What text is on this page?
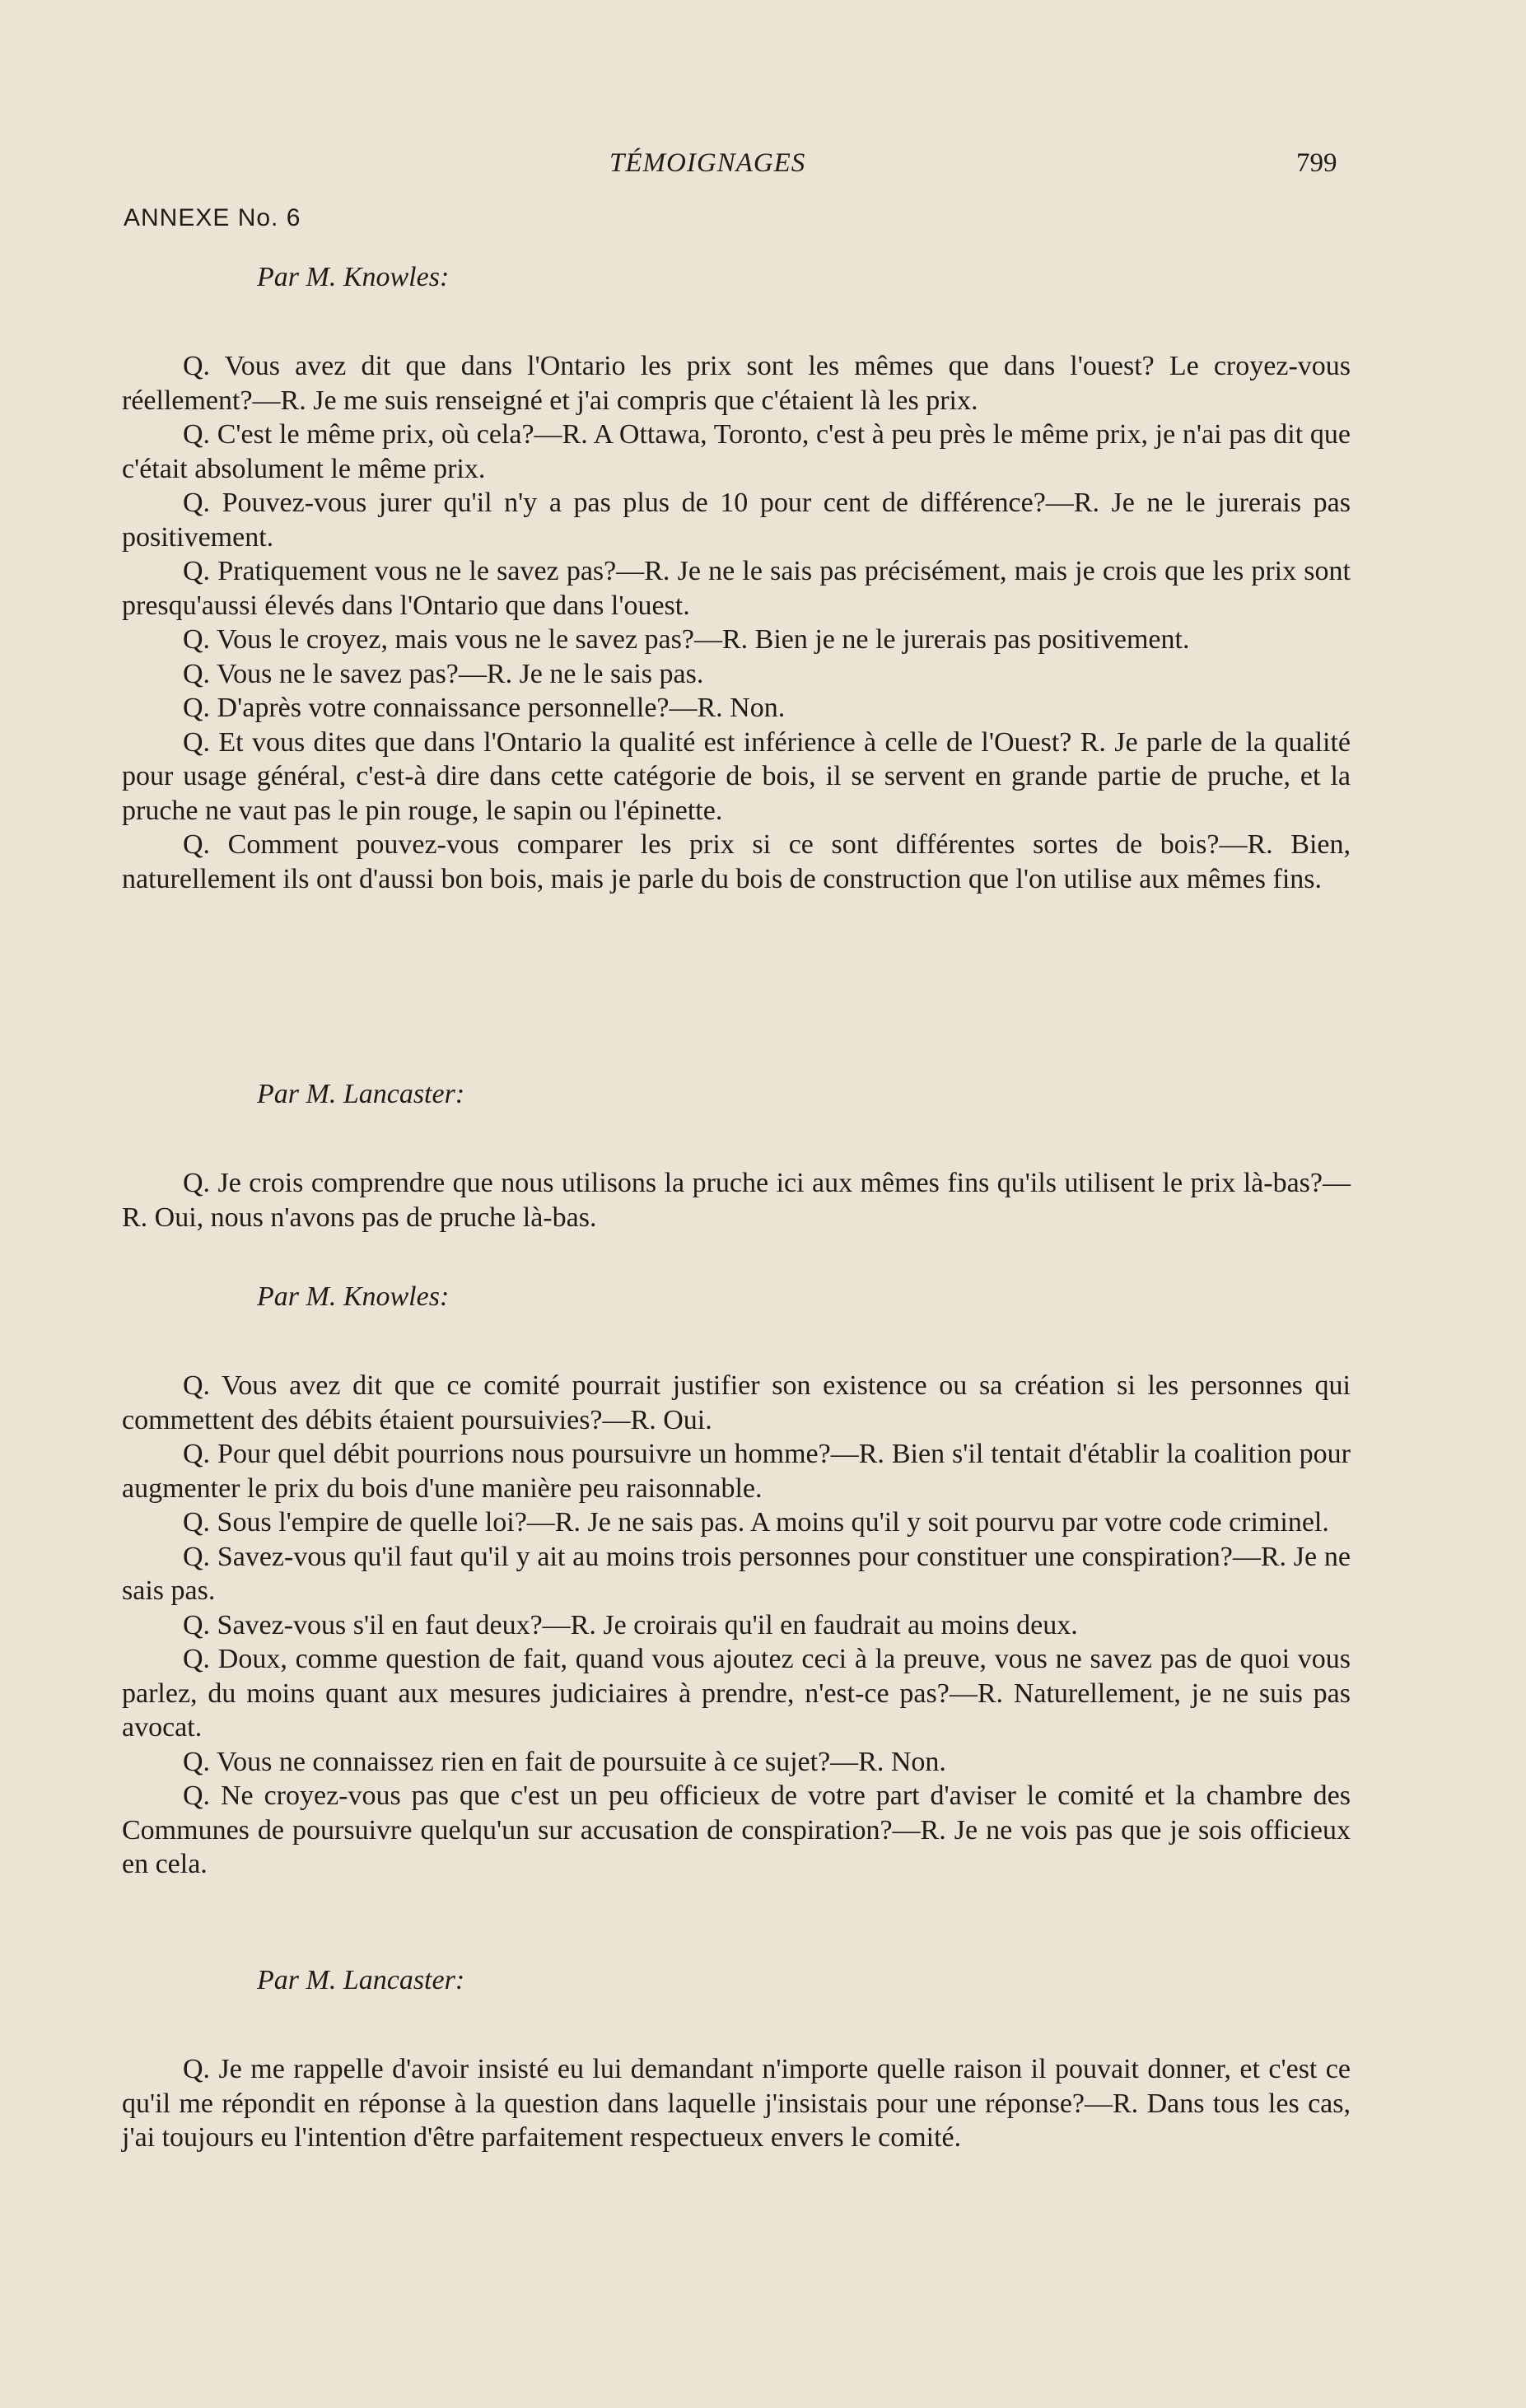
TÉMOIGNAGES	799
ANNEXE No. 6
Par M. Knowles:

Q. Vous avez dit que dans l'Ontario les prix sont les mêmes que dans l'ouest? Le croyez-vous réellement?—R. Je me suis renseigné et j'ai compris que c'étaient là les prix.

Q. C'est le même prix, où cela?—R. A Ottawa, Toronto, c'est à peu près le même prix, je n'ai pas dit que c'était absolument le même prix.

Q. Pouvez-vous jurer qu'il n'y a pas plus de 10 pour cent de différence?—R. Je ne le jurerais pas positivement.

Q. Pratiquement vous ne le savez pas?—R. Je ne le sais pas précisément, mais je crois que les prix sont presqu'aussi élevés dans l'Ontario que dans l'ouest.

Q. Vous le croyez, mais vous ne le savez pas?—R. Bien je ne le jurerais pas positivement.

Q. Vous ne le savez pas?—R. Je ne le sais pas.

Q. D'après votre connaissance personnelle?—R. Non.

Q. Et vous dites que dans l'Ontario la qualité est inférience à celle de l'Ouest? R. Je parle de la qualité pour usage général, c'est-à dire dans cette catégorie de bois, il se servent en grande partie de pruche, et la pruche ne vaut pas le pin rouge, le sapin ou l'épinette.

Q. Comment pouvez-vous comparer les prix si ce sont différentes sortes de bois?—R. Bien, naturellement ils ont d'aussi bon bois, mais je parle du bois de construction que l'on utilise aux mêmes fins.

Par M. Lancaster:

Q. Je crois comprendre que nous utilisons la pruche ici aux mêmes fins qu'ils utilisent le prix là-bas?—R. Oui, nous n'avons pas de pruche là-bas.

Par M. Knowles:

Q. Vous avez dit que ce comité pourrait justifier son existence ou sa création si les personnes qui commettent des débits étaient poursuivies?—R. Oui.

Q. Pour quel débit pourrions nous poursuivre un homme?—R. Bien s'il tentait d'établir la coalition pour augmenter le prix du bois d'une manière peu raisonnable.

Q. Sous l'empire de quelle loi?—R. Je ne sais pas. A moins qu'il y soit pourvu par votre code criminel.

Q. Savez-vous qu'il faut qu'il y ait au moins trois personnes pour constituer une conspiration?—R. Je ne sais pas.

Q. Savez-vous s'il en faut deux?—R. Je croirais qu'il en faudrait au moins deux.

Q. Doux, comme question de fait, quand vous ajoutez ceci à la preuve, vous ne savez pas de quoi vous parlez, du moins quant aux mesures judiciaires à prendre, n'est-ce pas?—R. Naturellement, je ne suis pas avocat.

Q. Vous ne connaissez rien en fait de poursuite à ce sujet?—R. Non.

Q. Ne croyez-vous pas que c'est un peu officieux de votre part d'aviser le comité et la chambre des Communes de poursuivre quelqu'un sur accusation de conspiration?—R. Je ne vois pas que je sois officieux en cela.

Par M. Lancaster:

Q. Je me rappelle d'avoir insisté eu lui demandant n'importe quelle raison il pouvait donner, et c'est ce qu'il me répondit en réponse à la question dans laquelle j'insistais pour une réponse?—R. Dans tous les cas, j'ai toujours eu l'intention d'être parfaitement respectueux envers le comité.
